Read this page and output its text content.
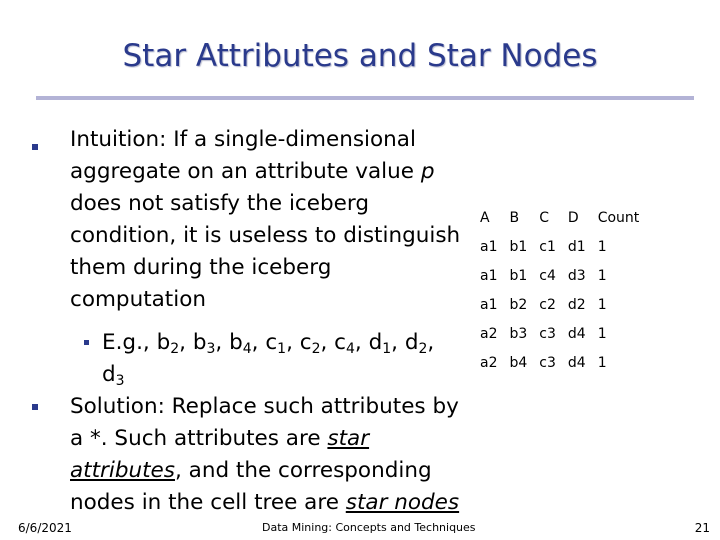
Star Attributes and Star Nodes
Intuition: If a single-dimensional aggregate on an attribute value p does not satisfy the iceberg condition, it is useless to distinguish them during the iceberg computation
E.g., $b_2$, $b_3$, $b_4$, $c_1$, $c_2$, $c_4$, $d_1$, $d_2$, $d_3$
Solution: Replace such attributes by a *. Such attributes are star attributes, and the corresponding nodes in the cell tree are star nodes
A	B	C	D	Count
a1	b1	c1	d1	1
a1	b1	c4	d3	1
a1	b2	c2	d2	1
a2	b3	c3	d4	1
a2	b4	c3	d4	1
6/6/2021	Data Mining: Concepts and Techniques	21
